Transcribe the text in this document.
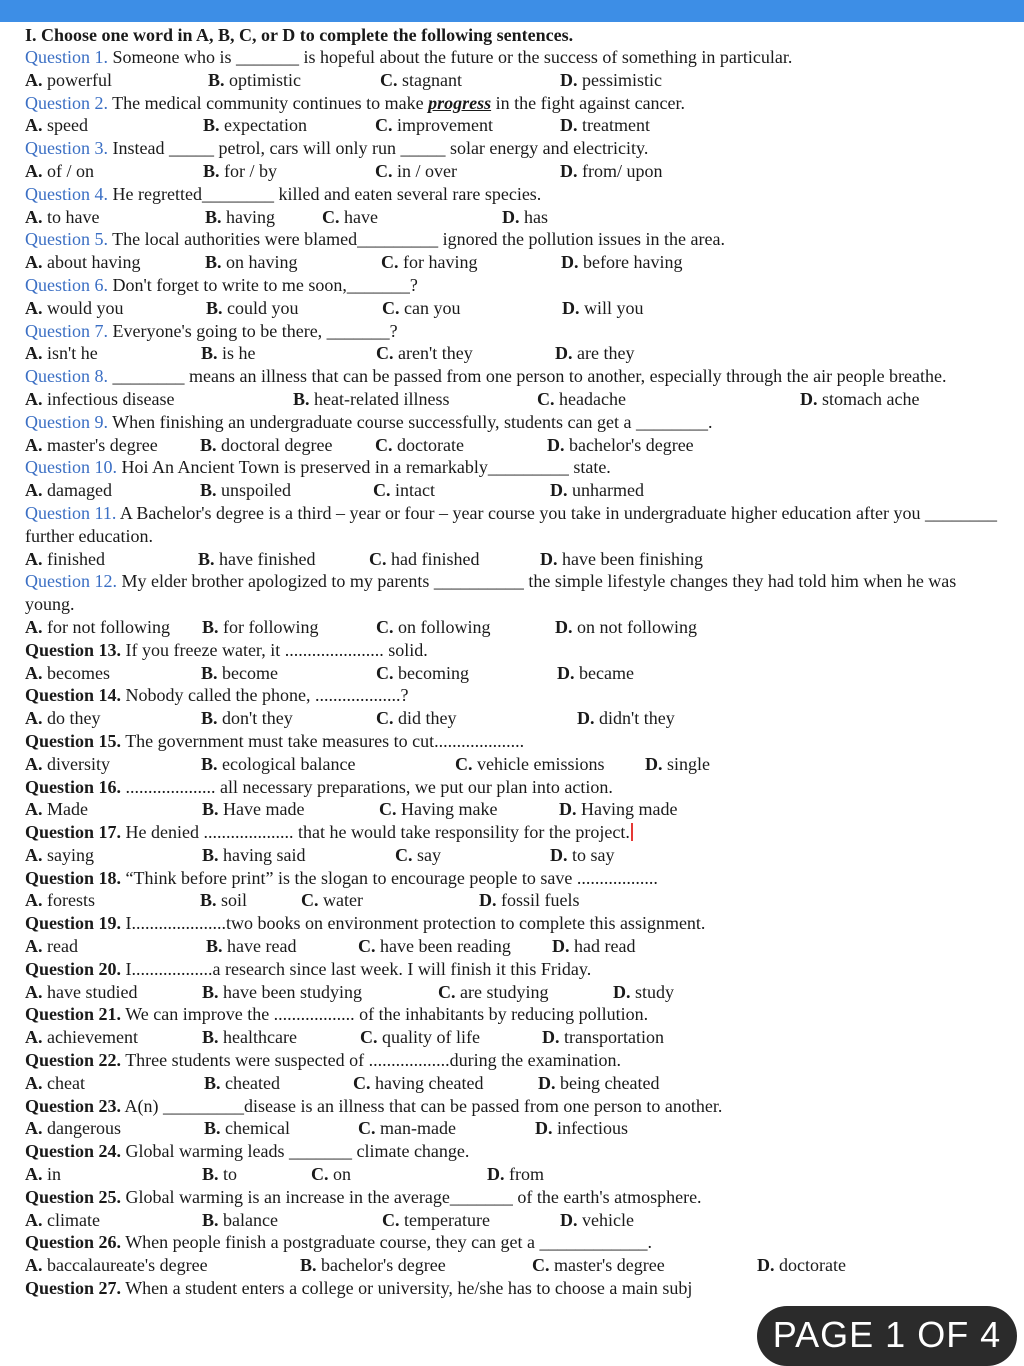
I. Choose one word in A, B, C, or D to complete the following sentences.
Question 1. Someone who is _______ is hopeful about the future or the success of something in particular.
A. powerful	B. optimistic	C. stagnant	D. pessimistic
Question 2. The medical community continues to make progress in the fight against cancer.
A. speed	B. expectation	C. improvement	D. treatment
Question 3. Instead _____ petrol, cars will only run _____ solar energy and electricity.
A. of / on	B. for / by	C. in / over	D. from/ upon
Question 4. He regretted________ killed and eaten several rare species.
A. to have	B. having	C. have	D. has
Question 5. The local authorities were blamed_________ ignored the pollution issues in the area.
A. about having	B. on having	C. for having	D. before having
Question 6. Don't forget to write to me soon,_______?
A. would you	B. could you	C. can you	D. will you
Question 7. Everyone's going to be there, _______?
A. isn't he	B. is he	C. aren't they	D. are they
Question 8. ________ means an illness that can be passed from one person to another, especially through the air people breathe.
A. infectious disease	B. heat-related illness	C. headache	D. stomach ache
Question 9. When finishing an undergraduate course successfully, students can get a ________.
A. master's degree B. doctoral degree C. doctorate	D. bachelor's degree
Question 10. Hoi An Ancient Town is preserved in a remarkably_________ state.
A. damaged	B. unspoiled	C. intact	D. unharmed
Question 11. A Bachelor's degree is a third – year or four – year course you take in undergraduate higher education after you ________ further education.
A. finished	B. have finished	C. had finished	D. have been finishing
Question 12. My elder brother apologized to my parents __________ the simple lifestyle changes they had told him when he was young.
A. for not following B. for following	C. on following	D. on not following
Question 13. If you freeze water, it ...................... solid.
A. becomes	B. become	C. becoming	D. became
Question 14. Nobody called the phone, ...................?
A. do they	B. don't they	C. did they	D. didn't they
Question 15. The government must take measures to cut....................
A. diversity	B. ecological balance	C. vehicle emissions D. single
Question 16. .................... all necessary preparations, we put our plan into action.
A. Made	B. Have made	C. Having make	D. Having made
Question 17. He denied .................... that he would take responsility for the project.
A. saying	B. having said	C. say	D. to say
Question 18. “Think before print” is the slogan to encourage people to save ..................
A. forests	B. soil	C. water	D. fossil fuels
Question 19. I.....................two books on environment protection to complete this assignment.
A. read	B. have read	C. have been reading D. had read
Question 20. I..................a research since last week. I will finish it this Friday.
A. have studied	B. have been studying	C. are studying	D. study
Question 21. We can improve the .................. of the inhabitants by reducing pollution.
A. achievement	B. healthcare	C. quality of life	D. transportation
Question 22. Three students were suspected of ..................during the examination.
A. cheat	B. cheated	C. having cheated	D. being cheated
Question 23. A(n) _________disease is an illness that can be passed from one person to another.
A. dangerous	B. chemical	C. man-made	D. infectious
Question 24. Global warming leads _______ climate change.
A. in	B. to	C. on	D. from
Question 25. Global warming is an increase in the average_______ of the earth's atmosphere.
A. climate	B. balance	C. temperature	D. vehicle
Question 26. When people finish a postgraduate course, they can get a ____________.
A. baccalaureate's degree	B. bachelor's degree	C. master's degree	D. doctorate
Question 27. When a student enters a college or university, he/she has to choose a main subj
PAGE 1 OF 4
